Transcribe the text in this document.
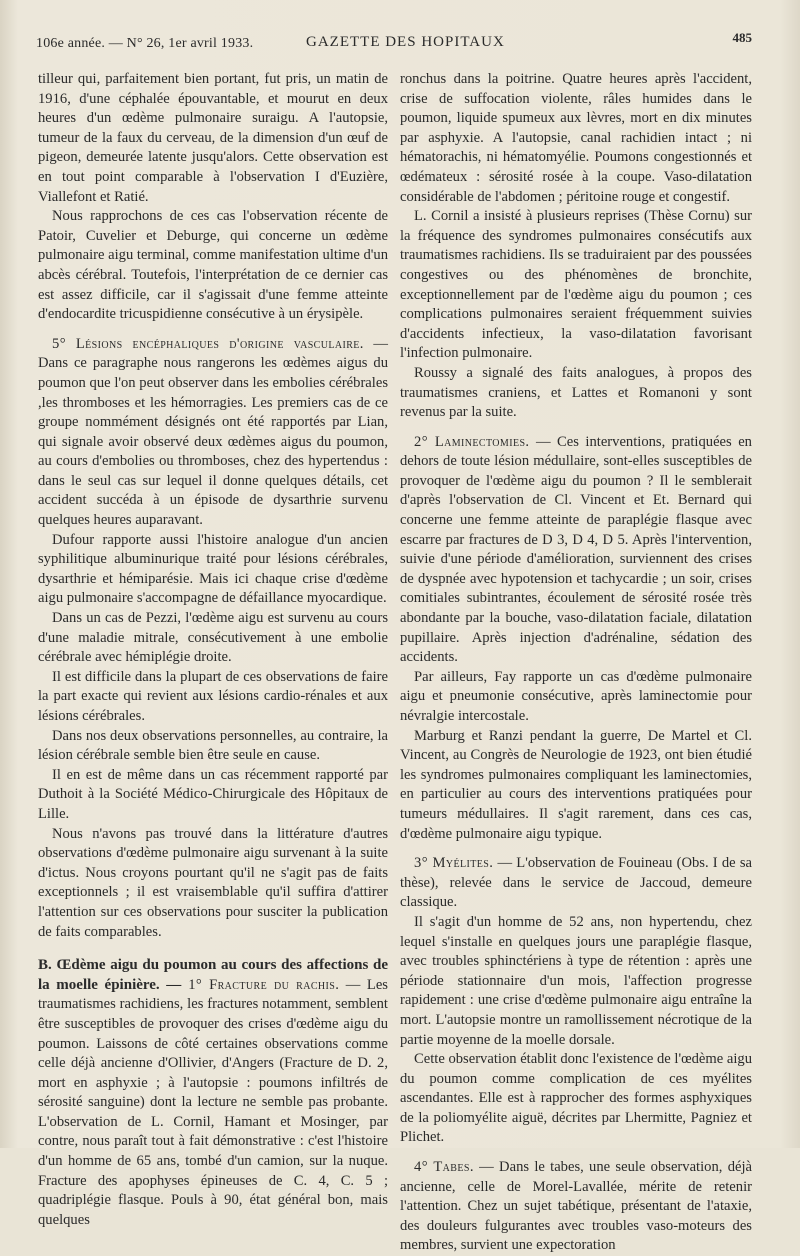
106e année. — N° 26, 1er avril 1933.	GAZETTE DES HOPITAUX	485

tilleur qui, parfaitement bien portant, fut pris, un matin de 1916, d'une céphalée épouvantable, et mourut en deux heures d'un œdème pulmonaire suraigu. A l'autopsie, tumeur de la faux du cerveau, de la dimension d'un œuf de pigeon, demeurée latente jusqu'alors. Cette observation est en tout point comparable à l'observation I d'Euzière, Viallefont et Ratié.

Nous rapprochons de ces cas l'observation récente de Patoir, Cuvelier et Deburge, qui concerne un œdème pulmonaire aigu terminal, comme manifestation ultime d'un abcès cérébral. Toutefois, l'interprétation de ce dernier cas est assez difficile, car il s'agissait d'une femme atteinte d'endocardite tricuspidienne consécutive à un érysipèle.

5° Lésions encéphaliques d'origine vasculaire. — Dans ce paragraphe nous rangerons les œdèmes aigus du poumon que l'on peut observer dans les embolies cérébrales ,les thromboses et les hémorragies. Les premiers cas de ce groupe nommément désignés ont été rapportés par Lian, qui signale avoir observé deux œdèmes aigus du poumon, au cours d'embolies ou thromboses, chez des hypertendus : dans le seul cas sur lequel il donne quelques détails, cet accident succéda à un épisode de dysarthrie survenu quelques heures auparavant.

Dufour rapporte aussi l'histoire analogue d'un ancien syphilitique albuminurique traité pour lésions cérébrales, dysarthrie et hémiparésie. Mais ici chaque crise d'œdème aigu pulmonaire s'accompagne de défaillance myocardique.

Dans un cas de Pezzi, l'œdème aigu est survenu au cours d'une maladie mitrale, consécutivement à une embolie cérébrale avec hémiplégie droite.

Il est difficile dans la plupart de ces observations de faire la part exacte qui revient aux lésions cardio-rénales et aux lésions cérébrales.

Dans nos deux observations personnelles, au contraire, la lésion cérébrale semble bien être seule en cause.

Il en est de même dans un cas récemment rapporté par Duthoit à la Société Médico-Chirurgicale des Hôpitaux de Lille.

Nous n'avons pas trouvé dans la littérature d'autres observations d'œdème pulmonaire aigu survenant à la suite d'ictus. Nous croyons pourtant qu'il ne s'agit pas de faits exceptionnels ; il est vraisemblable qu'il suffira d'attirer l'attention sur ces observations pour susciter la publication de faits comparables.

B. Œdème aigu du poumon au cours des affections de la moelle épinière. — 1° Fracture du rachis. — Les traumatismes rachidiens, les fractures notamment, semblent être susceptibles de provoquer des crises d'œdème aigu du poumon. Laissons de côté certaines observations comme celle déjà ancienne d'Ollivier, d'Angers (Fracture de D. 2, mort en asphyxie ; à l'autopsie : poumons infiltrés de sérosité sanguine) dont la lecture ne semble pas probante. L'observation de L. Cornil, Hamant et Mosinger, par contre, nous paraît tout à fait démonstrative : c'est l'histoire d'un homme de 65 ans, tombé d'un camion, sur la nuque. Fracture des apophyses épineuses de C. 4, C. 5 ; quadriplégie flasque. Pouls à 90, état général bon, mais quelques

ronchus dans la poitrine. Quatre heures après l'accident, crise de suffocation violente, râles humides dans le poumon, liquide spumeux aux lèvres, mort en dix minutes par asphyxie. A l'autopsie, canal rachidien intact ; ni hématorachis, ni hématomyélie. Poumons congestionnés et œdémateux : sérosité rosée à la coupe. Vaso-dilatation considérable de l'abdomen ; péritoine rouge et congestif.

L. Cornil a insisté à plusieurs reprises (Thèse Cornu) sur la fréquence des syndromes pulmonaires consécutifs aux traumatismes rachidiens. Ils se traduiraient par des poussées congestives ou des phénomènes de bronchite, exceptionnellement par de l'œdème aigu du poumon ; ces complications pulmonaires seraient fréquemment suivies d'accidents infectieux, la vaso-dilatation favorisant l'infection pulmonaire.

Roussy a signalé des faits analogues, à propos des traumatismes craniens, et Lattes et Romanoni y sont revenus par la suite.

2° Laminectomies. — Ces interventions, pratiquées en dehors de toute lésion médullaire, sont-elles susceptibles de provoquer de l'œdème aigu du poumon ? Il le semblerait d'après l'observation de Cl. Vincent et Et. Bernard qui concerne une femme atteinte de paraplégie flasque avec escarre par fractures de D 3, D 4, D 5. Après l'intervention, suivie d'une période d'amélioration, surviennent des crises de dyspnée avec hypotension et tachycardie ; un soir, crises comitiales subintrantes, écoulement de sérosité rosée très abondante par la bouche, vaso-dilatation faciale, dilatation pupillaire. Après injection d'adrénaline, sédation des accidents.

Par ailleurs, Fay rapporte un cas d'œdème pulmonaire aigu et pneumonie consécutive, après laminectomie pour névralgie intercostale.

Marburg et Ranzi pendant la guerre, De Martel et Cl. Vincent, au Congrès de Neurologie de 1923, ont bien étudié les syndromes pulmonaires compliquant les laminectomies, en particulier au cours des interventions pratiquées pour tumeurs médullaires. Il s'agit rarement, dans ces cas, d'œdème pulmonaire aigu typique.

3° Myélites. — L'observation de Fouineau (Obs. I de sa thèse), relevée dans le service de Jaccoud, demeure classique.

Il s'agit d'un homme de 52 ans, non hypertendu, chez lequel s'installe en quelques jours une paraplégie flasque, avec troubles sphinctériens à type de rétention : après une période stationnaire d'un mois, l'affection progresse rapidement : une crise d'œdème pulmonaire aigu entraîne la mort. L'autopsie montre un ramollissement nécrotique de la partie moyenne de la moelle dorsale.

Cette observation établit donc l'existence de l'œdème aigu du poumon comme complication de ces myélites ascendantes. Elle est à rapprocher des formes asphyxiques de la poliomyélite aiguë, décrites par Lhermitte, Pagniez et Plichet.

4° Tabes. — Dans le tabes, une seule observation, déjà ancienne, celle de Morel-Lavallée, mérite de retenir l'attention. Chez un sujet tabétique, présentant de l'ataxie, des douleurs fulgurantes avec troubles vaso-moteurs des membres, survient une expectoration
